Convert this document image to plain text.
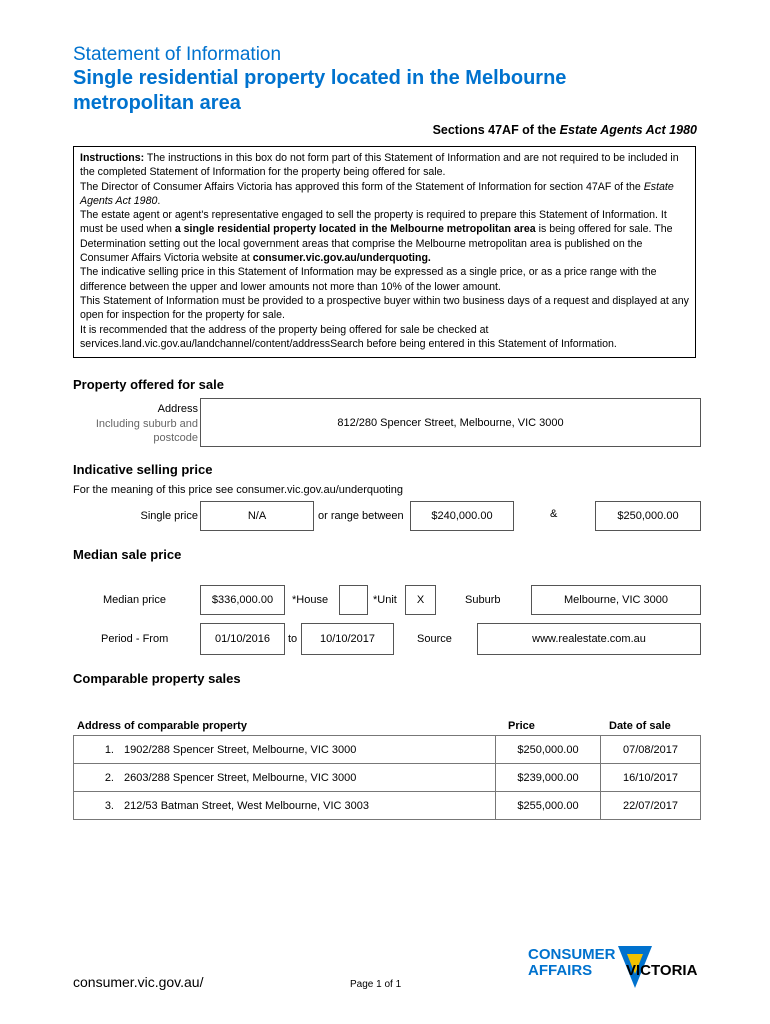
Statement of Information
Single residential property located in the Melbourne
metropolitan area
Sections 47AF of the Estate Agents Act 1980

Instructions: The instructions in this box do not form part of this Statement of Information and are not required to be included in the completed Statement of Information for the property being offered for sale.

The Director of Consumer Affairs Victoria has approved this form of the Statement of Information for section 47AF of the Estate Agents Act 1980.

The estate agent or agent's representative engaged to sell the property is required to prepare this Statement of Information. It must be used when a single residential property located in the Melbourne metropolitan area is being offered for sale. The Determination setting out the local government areas that comprise the Melbourne metropolitan area is published on the Consumer Affairs Victoria website at consumer.vic.gov.au/underquoting.

The indicative selling price in this Statement of Information may be expressed as a single price, or as a price range with the difference between the upper and lower amounts not more than 10% of the lower amount.

This Statement of Information must be provided to a prospective buyer within two business days of a request and displayed at any open for inspection for the property for sale.

It is recommended that the address of the property being offered for sale be checked at services.land.vic.gov.au/landchannel/content/addressSearch before being entered in this Statement of Information.

Property offered for sale
Address
Including suburb and
postcode
812/280 Spencer Street, Melbourne, VIC 3000
Indicative selling price
For the meaning of this price see consumer.vic.gov.au/underquoting
Single price	N/A	or range between	$240,000.00	&	$250,000.00
Median sale price
Median price	$336,000.00	*House	*Unit	X	Suburb	Melbourne, VIC 3000
Period - From	01/10/2016	to	10/10/2017	Source	www.realestate.com.au
Comparable property sales
Address of comparable property	Price	Date of sale
1. 1902/288 Spencer Street, Melbourne, VIC 3000	$250,000.00	07/08/2017
2. 2603/288 Spencer Street, Melbourne, VIC 3000	$239,000.00	16/10/2017
3. 212/53 Batman Street, West Melbourne, VIC 3003	$255,000.00	22/07/2017
consumer.vic.gov.au/	Page 1 of 1
CONSUMER
AFFAIRS VICTORIA
